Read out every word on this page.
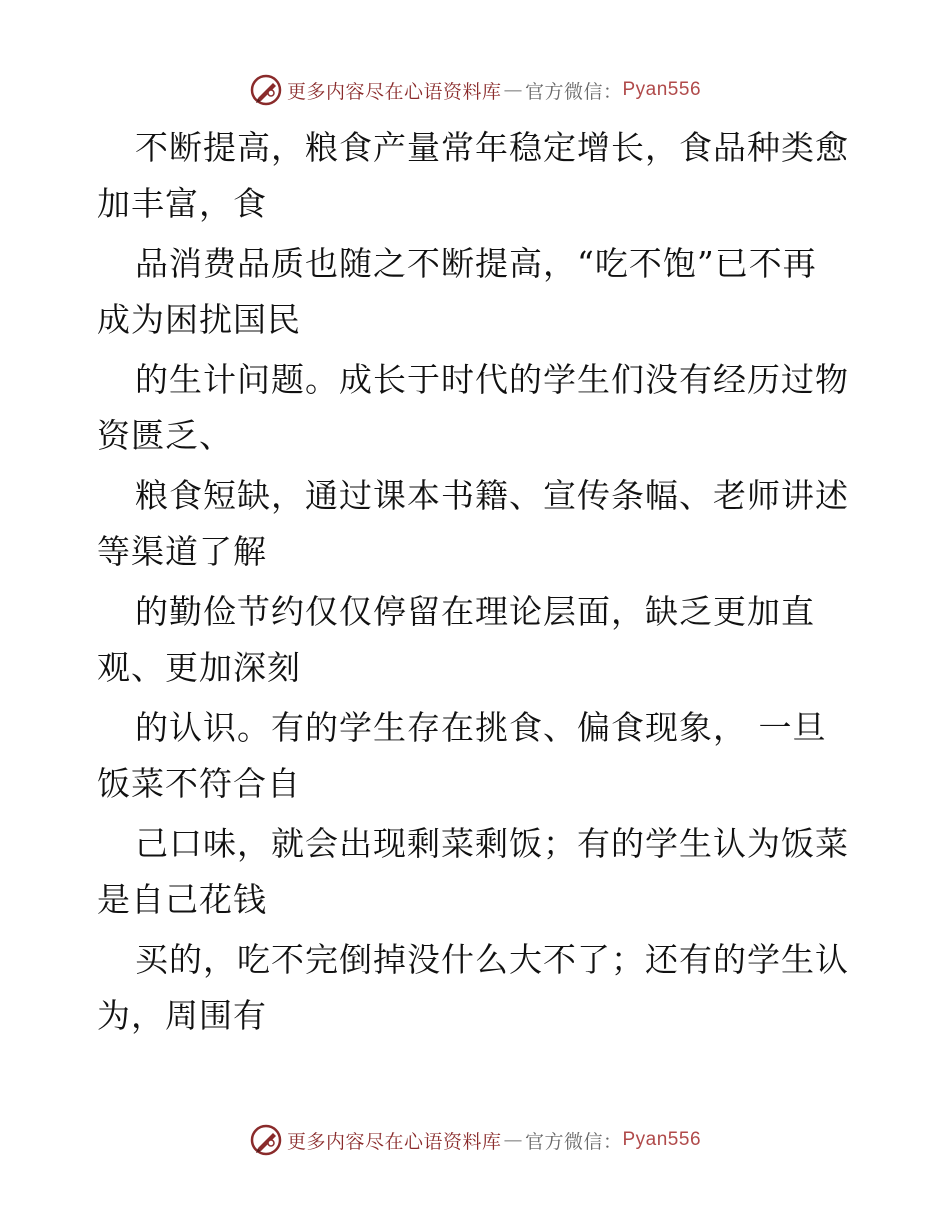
更多内容尽在心语资料库 — 官方微信： Pyan556
不断提高，粮食产量常年稳定增长，食品种类愈
加丰富，食
品消费品质也随之不断提高，“吃不饱”已不再
成为困扰国民
的生计问题。成长于时代的学生们没有经历过物
资匮乏、
粮食短缺，通过课本书籍、宣传条幅、老师讲述
等渠道了解
的勤俭节约仅仅停留在理论层面，缺乏更加直
观、更加深刻
的认识。有的学生存在挑食、偏食现象， 一旦
饭菜不符合自
己口味，就会出现剩菜剩饭；有的学生认为饭菜
是自己花钱
买的，吃不完倒掉没什么大不了；还有的学生认
为，周围有
更多内容尽在心语资料库 — 官方微信： Pyan556
